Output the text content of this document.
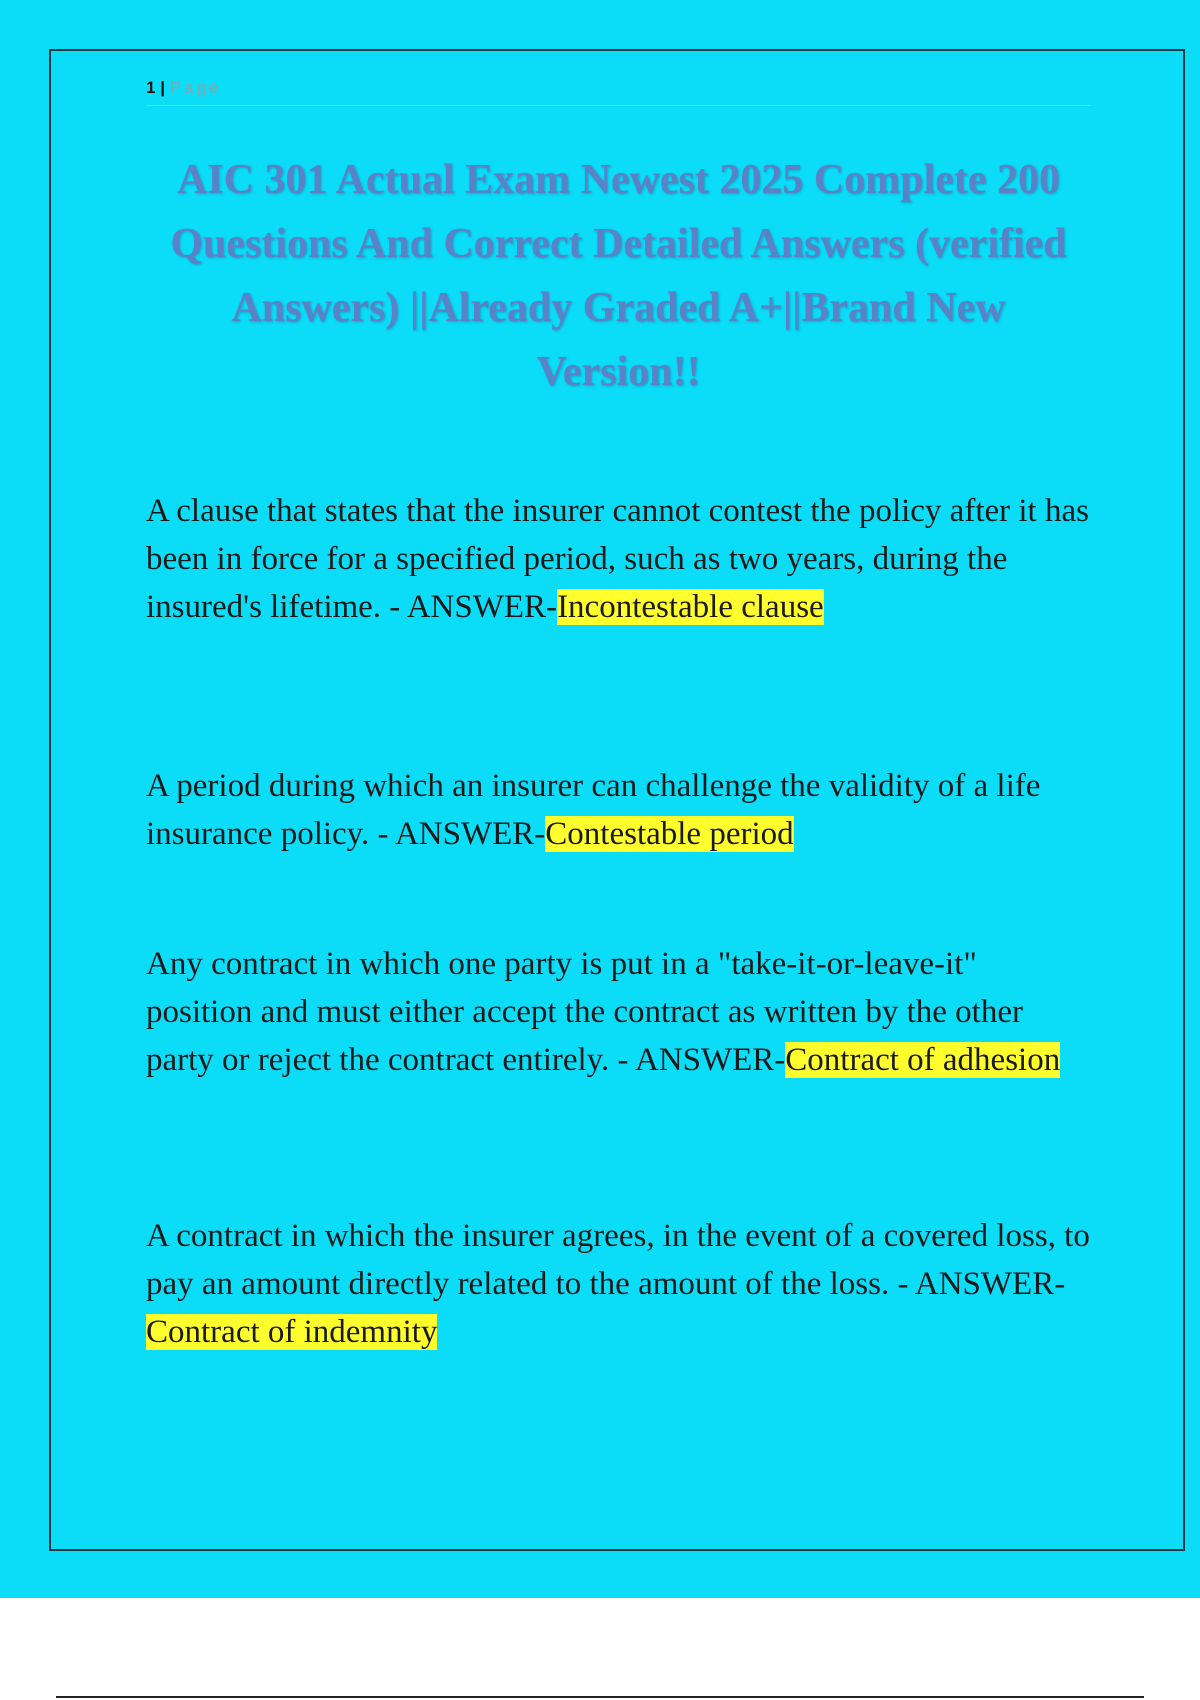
1 | Page
AIC 301 Actual Exam Newest 2025 Complete 200 Questions And Correct Detailed Answers (verified Answers) ||Already Graded A+||Brand New Version!!

A clause that states that the insurer cannot contest the policy after it has been in force for a specified period, such as two years, during the insured's lifetime. - ANSWER-Incontestable clause

A period during which an insurer can challenge the validity of a life insurance policy. - ANSWER-Contestable period

Any contract in which one party is put in a "take-it-or-leave-it" position and must either accept the contract as written by the other party or reject the contract entirely. - ANSWER-Contract of adhesion

A contract in which the insurer agrees, in the event of a covered loss, to pay an amount directly related to the amount of the loss. - ANSWER-Contract of indemnity
